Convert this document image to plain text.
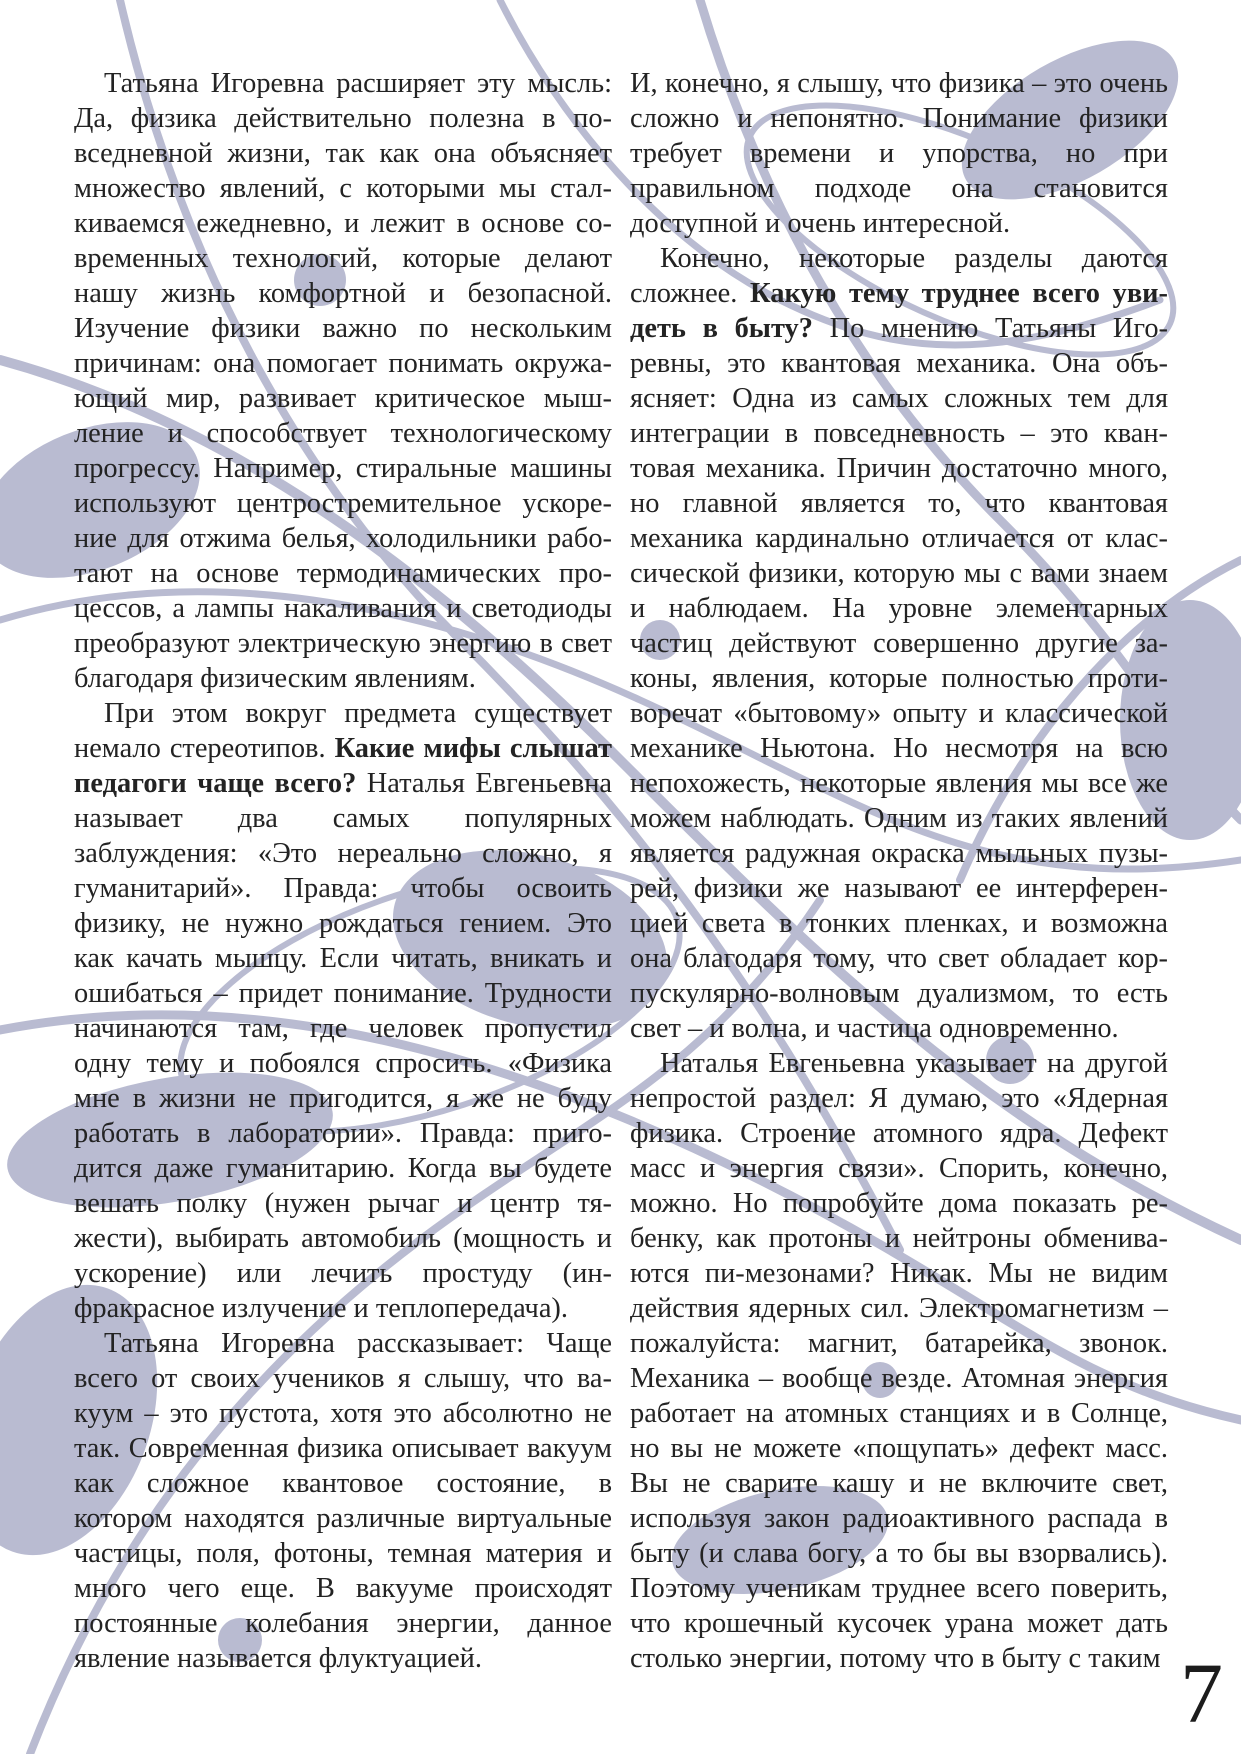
Татьяна Игоревна расширяет эту мысль: Да, физика действительно полезна в повседневной жизни, так как она объясняет множество явлений, с которыми мы сталкиваемся ежедневно, и лежит в основе современных технологий, которые делают нашу жизнь комфортной и безопасной. Изучение физики важно по нескольким причинам: она помогает понимать окружающий мир, развивает критическое мышление и способствует технологическому прогрессу. Например, стиральные машины используют центростремительное ускорение для отжима белья, холодильники работают на основе термодинамических процессов, а лампы накаливания и светодиоды преобразуют электрическую энергию в свет благодаря физическим явлениям.

При этом вокруг предмета существует немало стереотипов. Какие мифы слышат педагоги чаще всего? Наталья Евгеньевна называет два самых популярных заблуждения: «Это нереально сложно, я гуманитарий». Правда: чтобы освоить физику, не нужно рождаться гением. Это как качать мышцу. Если читать, вникать и ошибаться – придет понимание. Трудности начинаются там, где человек пропустил одну тему и побоялся спросить. «Физика мне в жизни не пригодится, я же не буду работать в лаборатории». Правда: пригодится даже гуманитарию. Когда вы будете вешать полку (нужен рычаг и центр тяжести), выбирать автомобиль (мощность и ускорение) или лечить простуду (инфракрасное излучение и теплопередача).

Татьяна Игоревна рассказывает: Чаще всего от своих учеников я слышу, что вакуум – это пустота, хотя это абсолютно не так. Современная физика описывает вакуум как сложное квантовое состояние, в котором находятся различные виртуальные частицы, поля, фотоны, темная материя и много чего еще. В вакууме происходят постоянные колебания энергии, данное явление называется флуктуацией.

И, конечно, я слышу, что физика – это очень сложно и непонятно. Понимание физики требует времени и упорства, но при правильном подходе она становится доступной и очень интересной.

Конечно, некоторые разделы даются сложнее. Какую тему труднее всего увидеть в быту? По мнению Татьяны Игоревны, это квантовая механика. Она объясняет: Одна из самых сложных тем для интеграции в повседневность – это квантовая механика. Причин достаточно много, но главной является то, что квантовая механика кардинально отличается от классической физики, которую мы с вами знаем и наблюдаем. На уровне элементарных частиц действуют совершенно другие законы, явления, которые полностью противоречат «бытовому» опыту и классической механике Ньютона. Но несмотря на всю непохожесть, некоторые явления мы все же можем наблюдать. Одним из таких явлений является радужная окраска мыльных пузырей, физики же называют ее интерференцией света в тонких пленках, и возможна она благодаря тому, что свет обладает корпускулярно-волновым дуализмом, то есть свет – и волна, и частица одновременно.

Наталья Евгеньевна указывает на другой непростой раздел: Я думаю, это «Ядерная физика. Строение атомного ядра. Дефект масс и энергия связи». Спорить, конечно, можно. Но попробуйте дома показать ребенку, как протоны и нейтроны обмениваются пи-мезонами? Никак. Мы не видим действия ядерных сил. Электромагнетизм – пожалуйста: магнит, батарейка, звонок. Механика – вообще везде. Атомная энергия работает на атомных станциях и в Солнце, но вы не можете «пощупать» дефект масс. Вы не сварите кашу и не включите свет, используя закон радиоактивного распада в быту (и слава богу, а то бы вы взорвались). Поэтому ученикам труднее всего поверить, что крошечный кусочек урана может дать столько энергии, потому что в быту с таким 7
